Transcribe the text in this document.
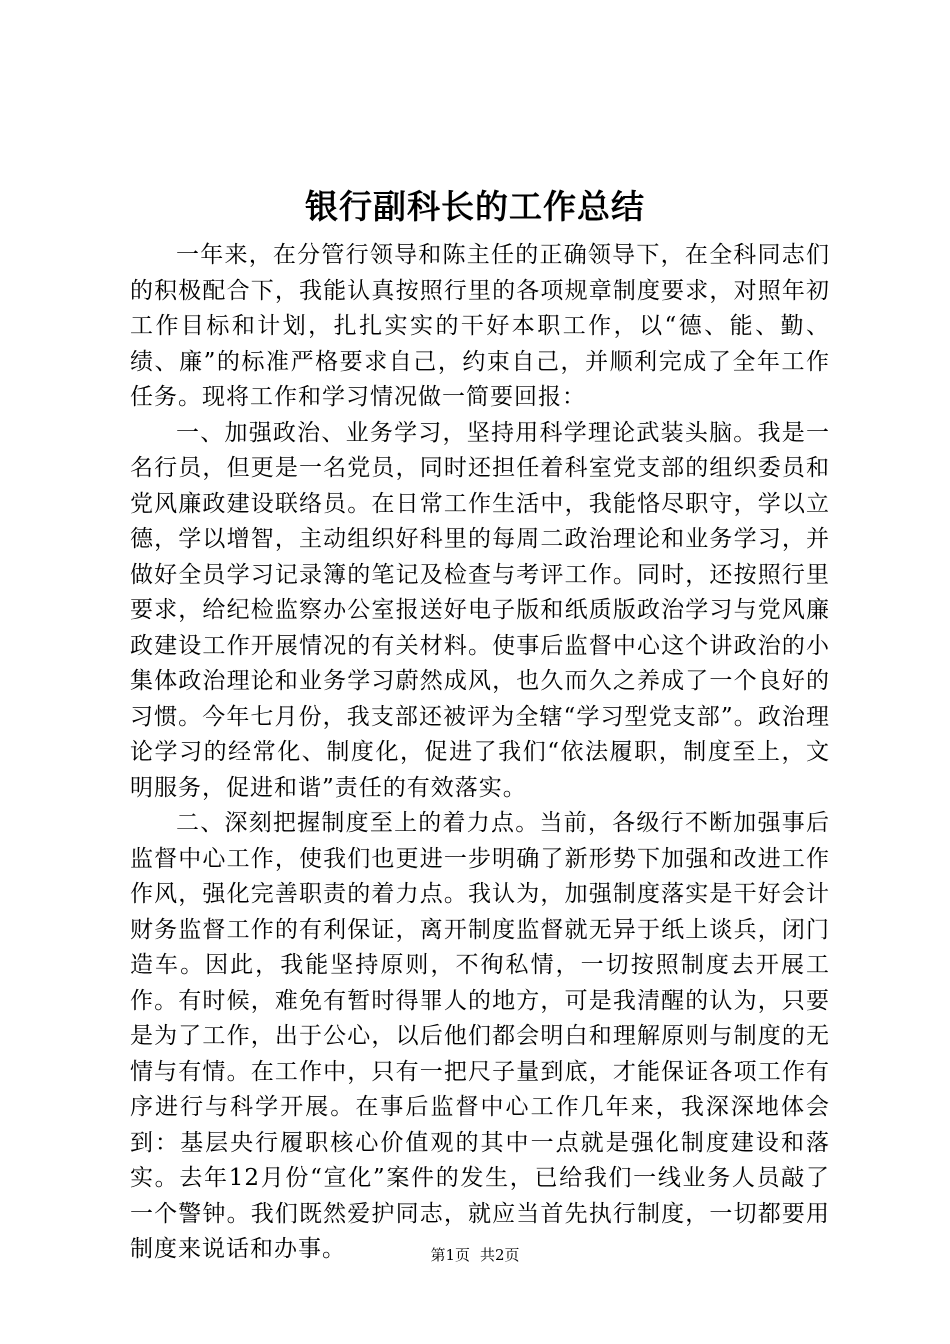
银行副科长的工作总结

一年来，在分管行领导和陈主任的正确领导下，在全科同志们的积极配合下，我能认真按照行里的各项规章制度要求，对照年初工作目标和计划，扎扎实实的干好本职工作，以“德、能、勤、绩、廉”的标准严格要求自己，约束自己，并顺利完成了全年工作任务。现将工作和学习情况做一简要回报：

一、加强政治、业务学习，坚持用科学理论武装头脑。我是一名行员，但更是一名党员，同时还担任着科室党支部的组织委员和党风廉政建设联络员。在日常工作生活中，我能恪尽职守，学以立德，学以增智，主动组织好科里的每周二政治理论和业务学习，并做好全员学习记录簿的笔记及检查与考评工作。同时，还按照行里要求，给纪检监察办公室报送好电子版和纸质版政治学习与党风廉政建设工作开展情况的有关材料。使事后监督中心这个讲政治的小集体政治理论和业务学习蔚然成风，也久而久之养成了一个良好的习惯。今年七月份，我支部还被评为全辖“学习型党支部”。政治理论学习的经常化、制度化，促进了我们“依法履职，制度至上，文明服务，促进和谐”责任的有效落实。

二、深刻把握制度至上的着力点。当前，各级行不断加强事后监督中心工作，使我们也更进一步明确了新形势下加强和改进工作作风，强化完善职责的着力点。我认为，加强制度落实是干好会计财务监督工作的有利保证，离开制度监督就无异于纸上谈兵，闭门造车。因此，我能坚持原则，不徇私情，一切按照制度去开展工作。有时候，难免有暂时得罪人的地方，可是我清醒的认为，只要是为了工作，出于公心，以后他们都会明白和理解原则与制度的无情与有情。在工作中，只有一把尺子量到底，才能保证各项工作有序进行与科学开展。在事后监督中心工作几年来，我深深地体会到：基层央行履职核心价值观的其中一点就是强化制度建设和落实。去年12月份“宣化”案件的发生，已给我们一线业务人员敲了一个警钟。我们既然爱护同志，就应当首先执行制度，一切都要用制度来说话和办事。	第1页 共2页
